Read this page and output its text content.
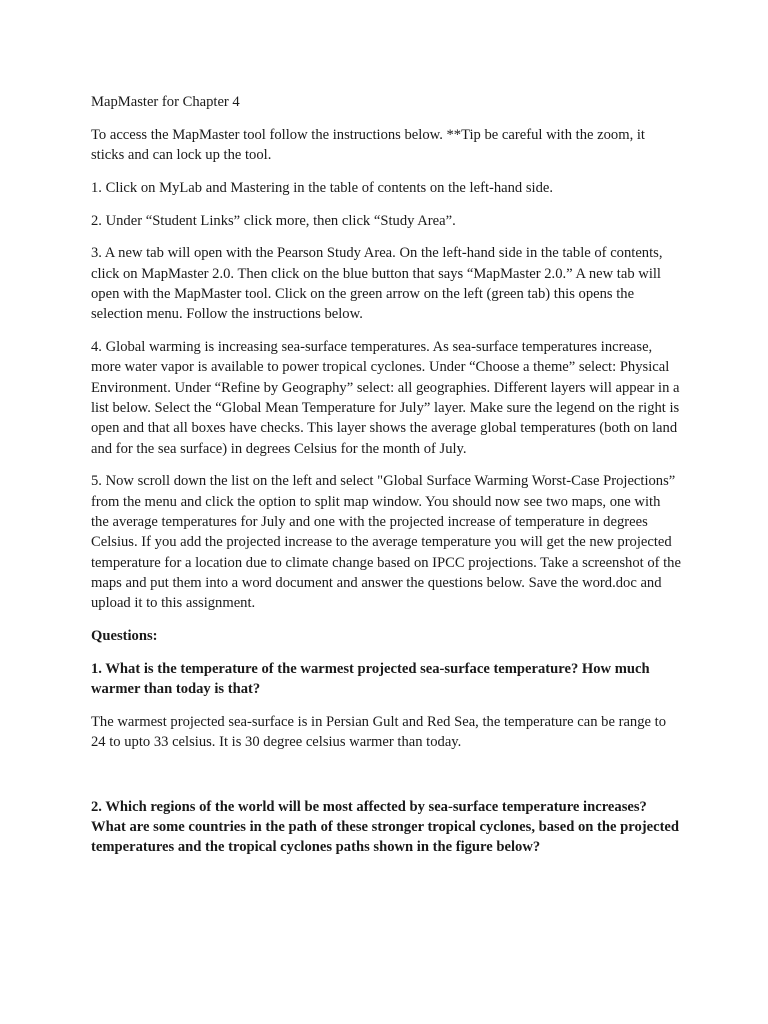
MapMaster for Chapter 4

To access the MapMaster tool follow the instructions below. **Tip be careful with the zoom, it sticks and can lock up the tool.

1. Click on MyLab and Mastering in the table of contents on the left-hand side.

2. Under “Student Links” click more, then click “Study Area”.

3. A new tab will open with the Pearson Study Area. On the left-hand side in the table of contents, click on MapMaster 2.0. Then click on the blue button that says “MapMaster 2.0.” A new tab will open with the MapMaster tool. Click on the green arrow on the left (green tab) this opens the selection menu. Follow the instructions below.

4. Global warming is increasing sea-surface temperatures. As sea-surface temperatures increase, more water vapor is available to power tropical cyclones. Under “Choose a theme” select: Physical Environment. Under “Refine by Geography” select: all geographies. Different layers will appear in a list below. Select the “Global Mean Temperature for July” layer. Make sure the legend on the right is open and that all boxes have checks. This layer shows the average global temperatures (both on land and for the sea surface) in degrees Celsius for the month of July.

5. Now scroll down the list on the left and select "Global Surface Warming Worst-Case Projections” from the menu and click the option to split map window. You should now see two maps, one with the average temperatures for July and one with the projected increase of temperature in degrees Celsius. If you add the projected increase to the average temperature you will get the new projected temperature for a location due to climate change based on IPCC projections. Take a screenshot of the maps and put them into a word document and answer the questions below. Save the word.doc and upload it to this assignment.

Questions:

1. What is the temperature of the warmest projected sea-surface temperature? How much warmer than today is that?

The warmest projected sea-surface is in Persian Gult and Red Sea, the temperature can be range to 24 to upto 33 celsius. It is 30 degree celsius warmer than today.

2. Which regions of the world will be most affected by sea-surface temperature increases? What are some countries in the path of these stronger tropical cyclones, based on the projected temperatures and the tropical cyclones paths shown in the figure below?
